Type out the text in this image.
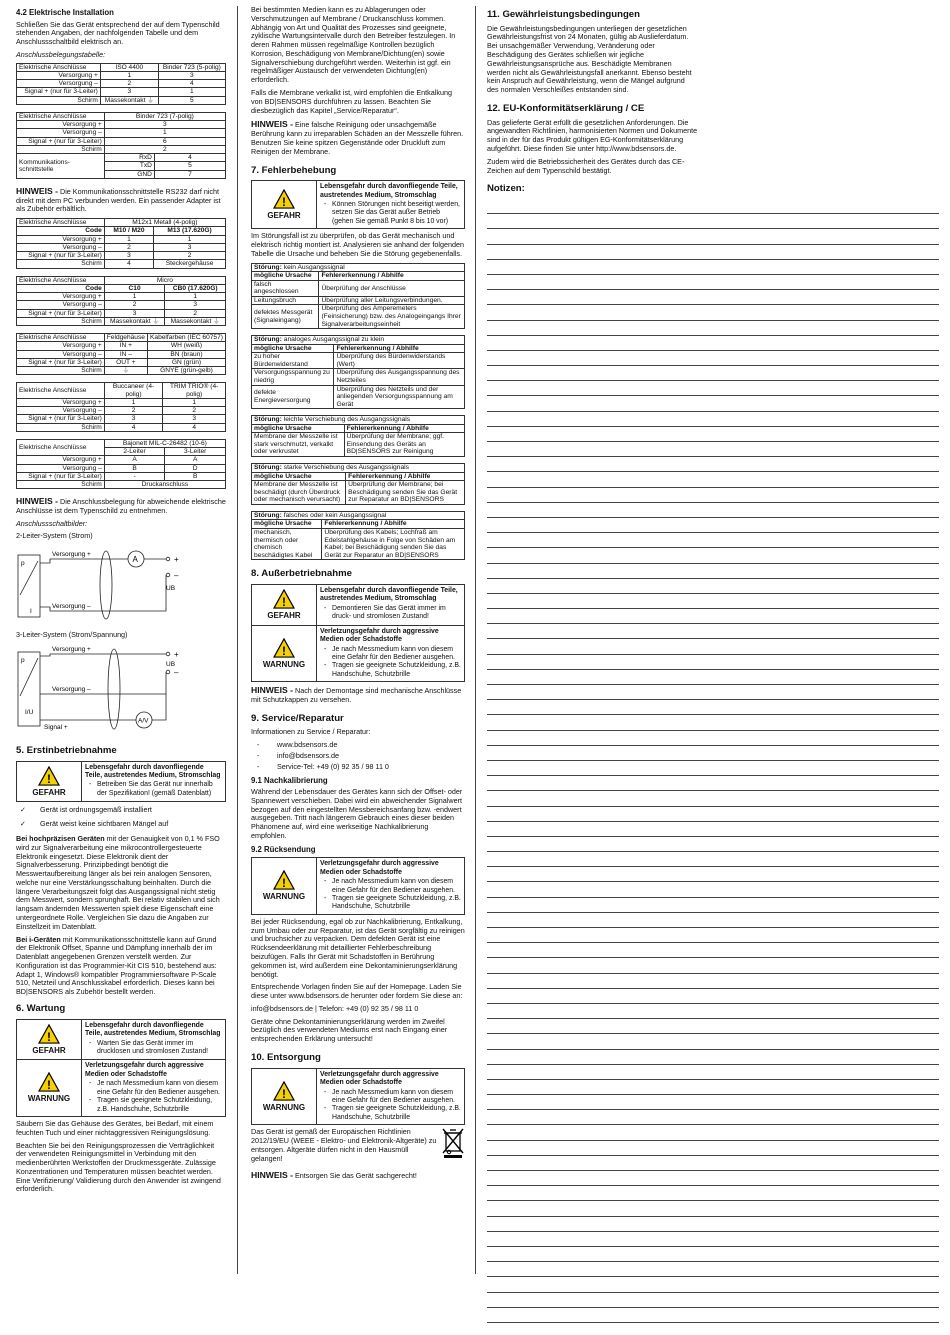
4.2 Elektrische Installation

Schließen Sie das Gerät entsprechend der auf dem Typenschild stehenden Angaben, der nachfolgenden Tabelle und dem Anschlussschaltbild elektrisch an.

Anschlussbelegungstabelle:
Elektrische Anschlüsse	ISO 4400	Binder 723 (5-polig)
Versorgung +	1	3
Versorgung –	2	4
Signal + (nur für 3-Leiter)	3	1
Schirm	Massekontakt ⏚	5
Elektrische Anschlüsse	Binder 723 (7-polig)	
Versorgung +	3	
Versorgung –	1	
Signal + (nur für 3-Leiter)	6	
Schirm	2	
Kommunikations-schnittstelle	RxD	4
	TxD	5
	GND	7

HINWEIS - Die Kommunikationsschnittstelle RS232 darf nicht direkt mit dem PC verbunden werden. Ein passender Adapter ist als Zubehör erhältlich.

Elektrische Anschlüsse	M12x1 Metall (4-polig)	
Code	M10 / M20	M13 (17.620G)
Versorgung +	1	1
Versorgung –	2	3
Signal + (nur für 3-Leiter)	3	2
Schirm	4	Steckergehäuse
Elektrische Anschlüsse	Micro	
Code	C10	CB0 (17.620G)
Versorgung +	1	1
Versorgung –	2	3
Signal + (nur für 3-Leiter)	3	2
Schirm	Massekontakt ⏚	Massekontakt ⏚
Elektrische Anschlüsse	Feldgehäuse	Kabelfarben (IEC 60757)
Versorgung +	IN +	WH (weiß)
Versorgung –	IN –	BN (braun)
Signal + (nur für 3-Leiter)	OUT +	GN (grün)
Schirm	⏚	GNYE (grün-gelb)
Elektrische Anschlüsse	Buccaneer (4-polig)	TRIM TRIO® (4-polig)
Versorgung +	1	1
Versorgung –	2	2
Signal + (nur für 3-Leiter)	3	3
Schirm	4	4
Elektrische Anschlüsse	Bajonett MIL-C-26482 (10-6)	
	2-Leiter	3-Leiter
Versorgung +	A	A
Versorgung –	B	D
Signal + (nur für 3-Leiter)	-	B
Schirm	Druckanschluss	

HINWEIS - Die Anschlussbelegung für abweichende elektrische Anschlüsse ist dem Typenschild zu entnehmen.

Anschlussschaltbilder:
2-Leiter-System (Strom)
p
I
Versorgung +
Versorgung –
A	+
–
UB
3-Leiter-System (Strom/Spannung)
p
I/U
Versorgung +
Versorgung –
Signal +
A/V
+
–
UB
5. Erstinbetriebnahme
!
GEFAHR
Lebensgefahr durch davonfliegende Teile, austretendes Medium, Stromschlag
- Betreiben Sie das Gerät nur innerhalb der Spezifikation! (gemäß Datenblatt)
✓ Gerät ist ordnungsgemäß installiert
✓ Gerät weist keine sichtbaren Mängel auf

Bei hochpräzisen Geräten mit der Genauigkeit von 0,1 % FSO wird zur Signalverarbeitung eine mikrocontrollergesteuerte Elektronik eingesetzt. Diese Elektronik dient der Signalverbesserung. Prinzipbedingt benötigt die Messwertaufbereitung länger als bei rein analogen Sensoren, welche nur eine Verstärkungsschaltung beinhalten. Durch die längere Verarbeitungszeit folgt das Ausgangssignal nicht stetig dem Messwert, sondern sprunghaft. Bei relativ stabilen und sich langsam ändernden Messwerten spielt diese Eigenschaft eine untergeordnete Rolle. Vergleichen Sie dazu die Angaben zur Einstellzeit im Datenblatt.

Bei i-Geräten mit Kommunikationsschnittstelle kann auf Grund der Elektronik Offset, Spanne und Dämpfung innerhalb der im Datenblatt angegebenen Grenzen verstellt werden. Zur Konfiguration ist das Programmier-Kit CIS 510, bestehend aus: Adapt 1, Windows® kompatibler Programmiersoftware P-Scale 510, Netzteil und Anschlusskabel erforderlich. Dieses kann bei BD|SENSORS als Zubehör bestellt werden.

6. Wartung
!
GEFAHR
Lebensgefahr durch davonfliegende Teile, austretendes Medium, Stromschlag
- Warten Sie das Gerät immer im drucklosen und stromlosen Zustand!
!
WARNUNG
Verletzungsgefahr durch aggressive Medien oder Schadstoffe
- Je nach Messmedium kann von diesem eine Gefahr für den Bediener ausgehen.
- Tragen sie geeignete Schutzkleidung, z.B. Handschuhe, Schutzbrille

Säubern Sie das Gehäuse des Gerätes, bei Bedarf, mit einem feuchten Tuch und einer nichtaggressiven Reinigungslösung.

Beachten Sie bei den Reinigungsprozessen die Verträglichkeit der verwendeten Reinigungsmittel in Verbindung mit den medienberührten Werkstoffen der Druckmessgeräte. Zulässige Konzentrationen und Temperaturen müssen beachtet werden. Eine Verifizierung/ Validierung durch den Anwender ist zwingend erforderlich.

Bei bestimmten Medien kann es zu Ablagerungen oder Verschmutzungen auf Membrane / Druckanschluss kommen. Abhängig von Art und Qualität des Prozesses sind geeignete, zyklische Wartungsintervalle durch den Betreiber festzulegen. In deren Rahmen müssen regelmäßige Kontrollen bezüglich Korrosion, Beschädigung von Membrane/Dichtung(en) sowie Signalverschiebung durchgeführt werden. Weiterhin ist ggf. ein regelmäßiger Austausch der verwendeten Dichtung(en) erforderlich.

Falls die Membrane verkalkt ist, wird empfohlen die Entkalkung von BD|SENSORS durchführen zu lassen. Beachten Sie diesbezüglich das Kapitel „Service/Reparatur“.

HINWEIS - Eine falsche Reinigung oder unsachgemäße Berührung kann zu irreparablen Schäden an der Messzelle führen. Benutzen Sie keine spitzen Gegenstände oder Druckluft zum Reinigen der Membrane.

7. Fehlerbehebung
!
GEFAHR
Lebensgefahr durch davonfliegende Teile, austretendes Medium, Stromschlag
- Können Störungen nicht beseitigt werden, setzen Sie das Gerät außer Betrieb (gehen Sie gemäß Punkt 8 bis 10 vor)

Im Störungsfall ist zu überprüfen, ob das Gerät mechanisch und elektrisch richtig montiert ist. Analysieren sie anhand der folgenden Tabelle die Ursache und beheben Sie die Störung gegebenenfalls.

Störung: kein Ausgangssignal	
mögliche Ursache	Fehlererkennung / Abhilfe
falsch angeschlossen	Überprüfung der Anschlüsse
Leitungsbruch	Überprüfung aller Leitungsverbindungen.
defektes Messgerät (Signaleingang)	Überprüfung des Amperemeters (Feinsicherung) bzw. des Analogeingangs Ihrer Signalverarbeitungseinheit
Störung: analoges Ausgangssignal zu klein	
mögliche Ursache	Fehlererkennung / Abhilfe
zu hoher Bürdenwiderstand	Überprüfung des Bürdenwiderstands (Wert)
Versorgungsspannung zu niedrig	Überprüfung des Ausgangsspannung des Netzteiles
defekte Energieversorgung	Überprüfung des Netzteils und der anliegenden Versorgungsspannung am Gerät
Störung: leichte Verschiebung des Ausgangssignals	
mögliche Ursache	Fehlererkennung / Abhilfe
Membrane der Messzelle ist stark verschmutzt, verkalkt oder verkrustet	Überprüfung der Membrane; ggf. Einsendung des Geräts an BD|SENSORS zur Reinigung
Störung: starke Verschiebung des Ausgangssignals	
mögliche Ursache	Fehlererkennung / Abhilfe
Membrane der Messzelle ist beschädigt (durch Überdruck oder mechanisch verursacht)	Überprüfung der Membrane; bei Beschädigung senden Sie das Gerät zur Reparatur an BD|SENSORS
Störung: falsches oder kein Ausgangssignal	
mögliche Ursache	Fehlererkennung / Abhilfe
mechanisch, thermisch oder chemisch beschädigtes Kabel	Überprüfung des Kabels; Lochfraß am Edelstahlgehäuse in Folge von Schäden am Kabel; bei Beschädigung senden Sie das Gerät zur Reparatur an BD|SENSORS
8. Außerbetriebnahme
!
GEFAHR
Lebensgefahr durch davonfliegende Teile, austretendes Medium, Stromschlag
- Demontieren Sie das Gerät immer im druck- und stromlosen Zustand!
!
WARNUNG
Verletzungsgefahr durch aggressive Medien oder Schadstoffe
- Je nach Messmedium kann von diesem eine Gefahr für den Bediener ausgehen.
- Tragen sie geeignete Schutzkleidung, z.B. Handschuhe, Schutzbrille

HINWEIS - Nach der Demontage sind mechanische Anschlüsse mit Schutzkappen zu versehen.

9. Service/Reparatur

Informationen zu Service / Reparatur:

- www.bdsensors.de
- info@bdsensors.de
- Service-Tel: +49 (0) 92 35 / 98 11 0
9.1 Nachkalibrierung

Während der Lebensdauer des Gerätes kann sich der Offset- oder Spannewert verschieben. Dabei wird ein abweichender Signalwert bezogen auf den eingestellten Messbereichsanfang bzw. -endwert ausgegeben. Tritt nach längerem Gebrauch eines dieser beiden Phänomene auf, wird eine werkseitige Nachkalibrierung empfohlen.

9.2 Rücksendung
!
WARNUNG
Verletzungsgefahr durch aggressive Medien oder Schadstoffe
- Je nach Messmedium kann von diesem eine Gefahr für den Bediener ausgehen.
- Tragen sie geeignete Schutzkleidung, z.B. Handschuhe, Schutzbrille

Bei jeder Rücksendung, egal ob zur Nachkalibrierung, Entkalkung, zum Umbau oder zur Reparatur, ist das Gerät sorgfältig zu reinigen und bruchsicher zu verpacken. Dem defekten Gerät ist eine Rücksendeerklärung mit detaillierter Fehlerbeschreibung beizufügen. Falls Ihr Gerät mit Schadstoffen in Berührung gekommen ist, wird außerdem eine Dekontaminierungserklärung benötigt.

Entsprechende Vorlagen finden Sie auf der Homepage. Laden Sie diese unter www.bdsensors.de herunter oder fordern Sie diese an:

info@bdsensors.de | Telefon: +49 (0) 92 35 / 98 11 0

Geräte ohne Dekontaminierungserklärung werden im Zweifel bezüglich des verwendeten Mediums erst nach Eingang einer entsprechenden Erklärung untersucht!

10. Entsorgung
!
WARNUNG
Verletzungsgefahr durch aggressive Medien oder Schadstoffe
- Je nach Messmedium kann von diesem eine Gefahr für den Bediener ausgehen.
- Tragen sie geeignete Schutzkleidung, z.B. Handschuhe, Schutzbrille

Das Gerät ist gemäß der Europäischen Richtlinien 2012/19/EU (WEEE - Elektro- und Elektronik-Altgeräte) zu entsorgen. Altgeräte dürfen nicht in den Hausmüll gelangen!

HINWEIS - Entsorgen Sie das Gerät sachgerecht!

11. Gewährleistungsbedingungen

Die Gewährleistungsbedingungen unterliegen der gesetzlichen Gewährleistungsfrist von 24 Monaten, gültig ab Auslieferdatum. Bei unsachgemäßer Verwendung, Veränderung oder Beschädigung des Gerätes schließen wir jegliche Gewährleistungsansprüche aus. Beschädigte Membranen werden nicht als Gewährleistungsfall anerkannt. Ebenso besteht kein Anspruch auf Gewährleistung, wenn die Mängel aufgrund des normalen Verschleißes entstanden sind.

12. EU-Konformitätserklärung / CE

Das gelieferte Gerät erfüllt die gesetzlichen Anforderungen. Die angewandten Richtlinien, harmonisierten Normen und Dokumente sind in der für das Produkt gültigen EG-Konformitätserklärung aufgeführt. Diese finden Sie unter http://www.bdsensors.de.

Zudem wird die Betriebssicherheit des Gerätes durch das CE-Zeichen auf dem Typenschild bestätigt.

Notizen:
